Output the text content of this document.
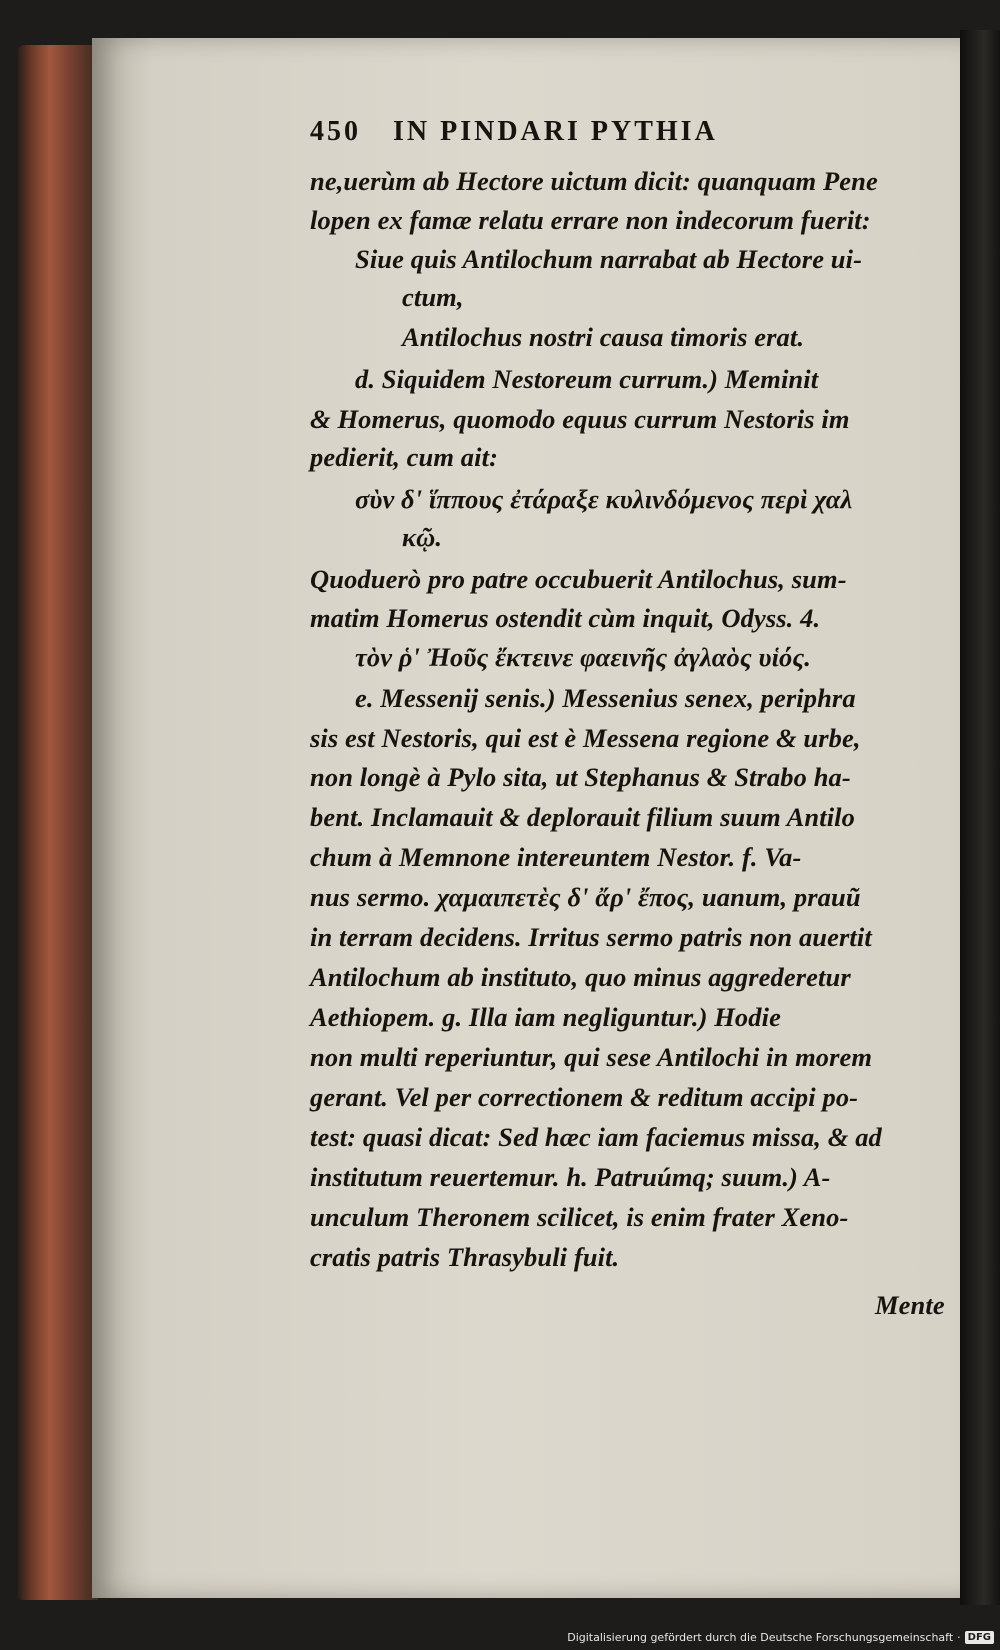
450 IN PINDARI PYTHIA
ne,uerùm ab Hectore uictum dicit: quanquam Pene
lopen ex famæ relatu errare non indecorum fuerit:
Siue quis Antilochum narrabat ab Hectore ui-
ctum,
Antilochus nostri causa timoris erat.
d. Siquidem Nestoreum currum.) Meminit
& Homerus, quomodo equus currum Nestoris im
pedierit, cum ait:
σὺν δ' ἵππους ἐτάραξε κυλινδόμενος περὶ χαλ
κῷ.
Quoduerò pro patre occubuerit Antilochus, sum-
matim Homerus ostendit cùm inquit, Odyss. 4.
τὸν ῥ' Ἠοῦς ἔκτεινε φαεινῆς ἀγλαὸς υἱός.
e. Messenij senis.) Messenius senex, periphra
sis est Nestoris, qui est è Messena regione & urbe,
non longè à Pylo sita, ut Stephanus & Strabo ha-
bent. Inclamauit & deplorauit filium suum Antilo
chum à Memnone intereuntem Nestor. f. Va-
nus sermo. χαμαιπετὲς δ' ἄρ' ἔπος, uanum, prauũ
in terram decidens. Irritus sermo patris non auertit
Antilochum ab instituto, quo minus aggrederetur
Aethiopem. g. Illa iam negliguntur.) Hodie
non multi reperiuntur, qui sese Antilochi in morem
gerant. Vel per correctionem & reditum accipi po-
test: quasi dicat: Sed hæc iam faciemus missa, & ad
institutum reuertemur. h. Patruúmq; suum.) A-
unculum Theronem scilicet, is enim frater Xeno-
cratis patris Thrasybuli fuit.
Mente
Digitalisierung gefördert durch die Deutsche Forschungsgemeinschaft · DFG
